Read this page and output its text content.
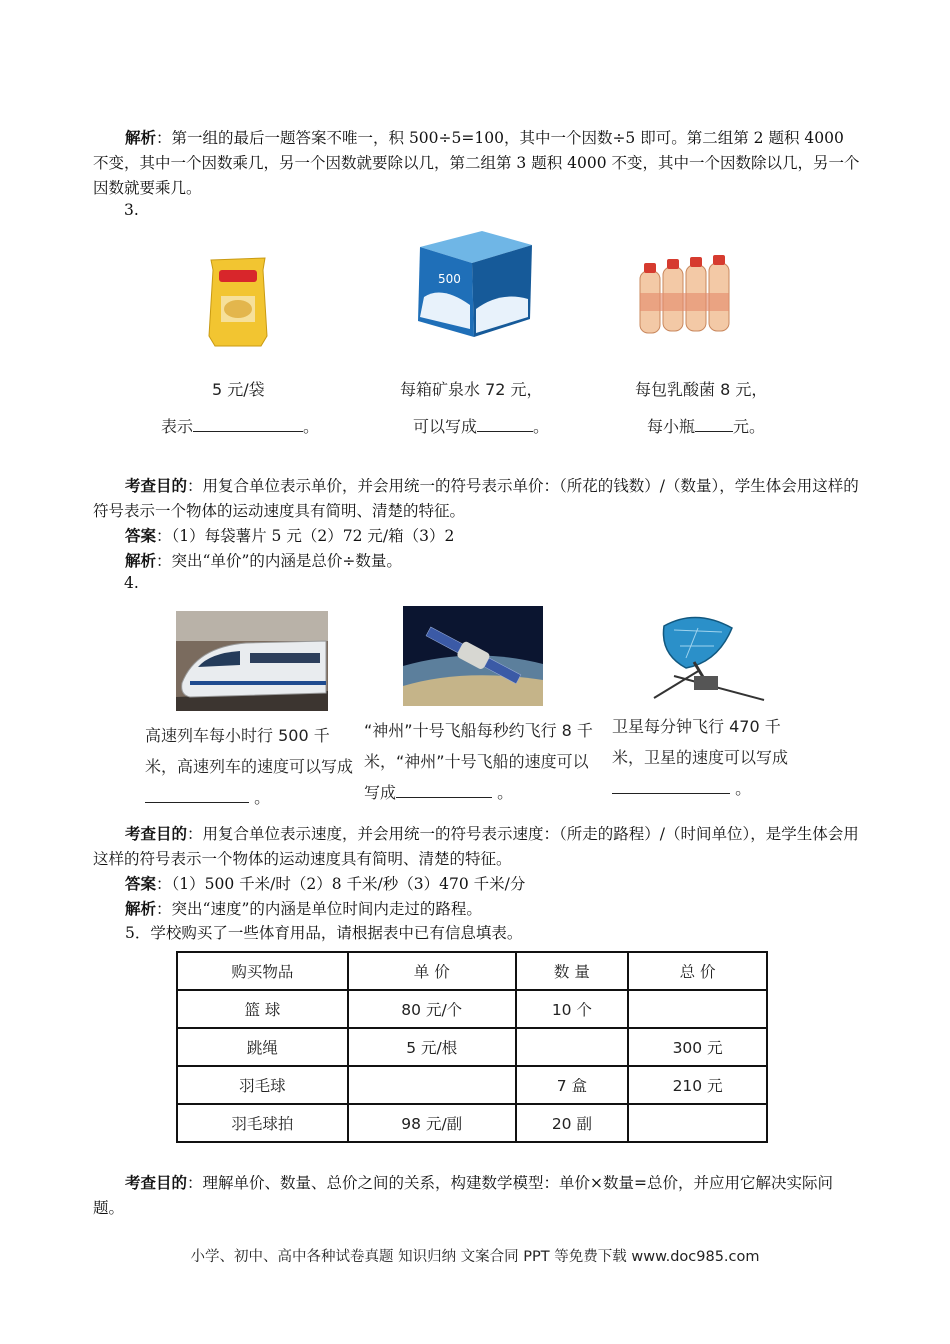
解析：第一组的最后一题答案不唯一，积 500÷5=100，其中一个因数÷5 即可。第二组第 2 题积 4000 不变，其中一个因数乘几，另一个因数就要除以几，第二组第 3 题积 4000 不变，其中一个因数除以几，另一个因数就要乘几。
3.
500
5 元/袋
表示	。
每箱矿泉水 72 元，
可以写成	。
每包乳酸菌 8 元，
每小瓶 元。
考查目的：用复合单位表示单价，并会用统一的符号表示单价：（所花的钱数）/（数量），学生体会用这样的符号表示一个物体的运动速度具有简明、清楚的特征。
答案：（1）每袋薯片 5 元（2）72 元/箱（3）2
解析：突出“单价”的内涵是总价÷数量。
4.
高速列车每小时行 500 千米，高速列车的速度可以写成 。
“神州”十号飞船每秒约飞行 8 千米，“神州”十号飞船的速度可以写成	。
卫星每分钟飞行 470 千米，卫星的速度可以写成 。
考查目的：用复合单位表示速度，并会用统一的符号表示速度：（所走的路程）/（时间单位），是学生体会用这样的符号表示一个物体的运动速度具有简明、清楚的特征。
答案：（1）500 千米/时（2）8 千米/秒（3）470 千米/分
解析：突出“速度”的内涵是单位时间内走过的路程。
5．学校购买了一些体育用品，请根据表中已有信息填表。
购买物品	单 价	数 量	总 价
篮 球	80 元/个	10 个	
跳绳	5 元/根		300 元
羽毛球		7 盒	210 元
羽毛球拍	98 元/副	20 副	
考查目的：理解单价、数量、总价之间的关系，构建数学模型：单价×数量=总价，并应用它解决实际问题。
小学、初中、高中各种试卷真题 知识归纳 文案合同 PPT 等免费下载 www.doc985.com
